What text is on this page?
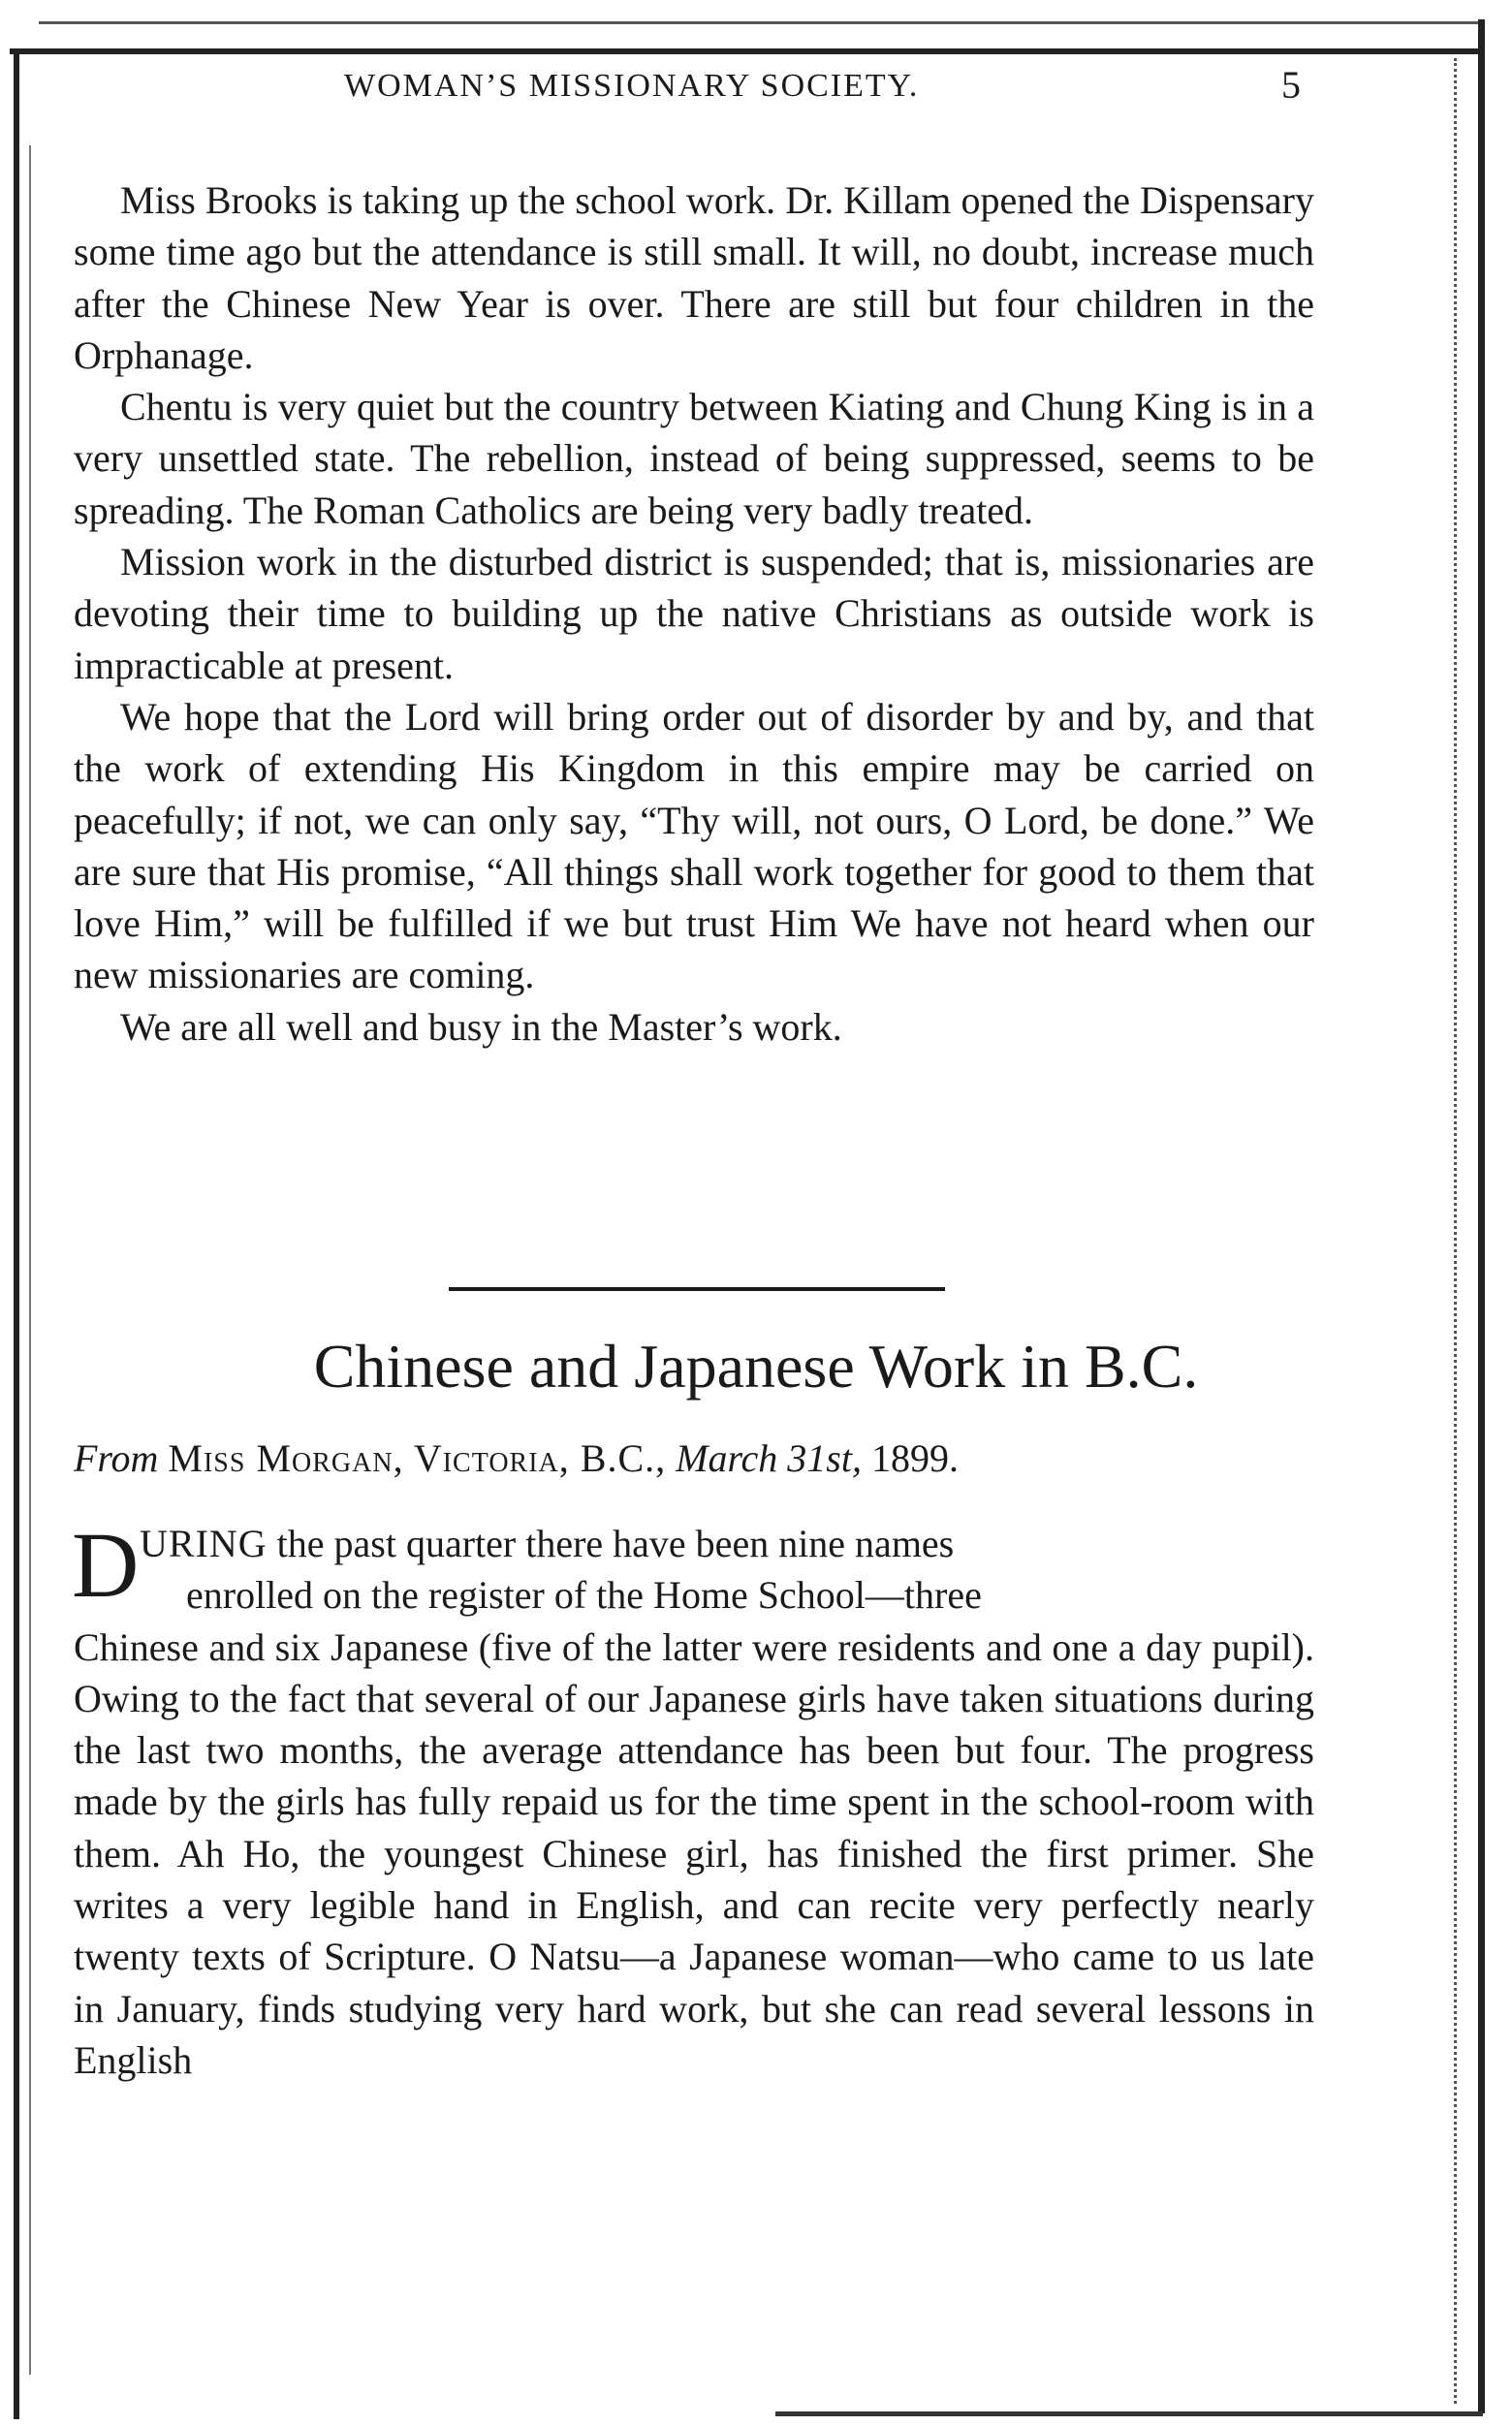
WOMAN’S MISSIONARY SOCIETY.	5

Miss Brooks is taking up the school work. Dr. Killam opened the Dispensary some time ago but the attendance is still small. It will, no doubt, increase much after the Chinese New Year is over. There are still but four children in the Orphanage.

Chentu is very quiet but the country between Kiating and Chung King is in a very unsettled state. The rebellion, instead of being suppressed, seems to be spreading. The Roman Catholics are being very badly treated.

Mission work in the disturbed district is suspended; that is, missionaries are devoting their time to building up the native Christians as outside work is impracticable at present.

We hope that the Lord will bring order out of disorder by and by, and that the work of extending His Kingdom in this empire may be carried on peacefully; if not, we can only say, “Thy will, not ours, O Lord, be done.” We are sure that His promise, “All things shall work together for good to them that love Him,” will be fulfilled if we but trust Him We have not heard when our new missionaries are coming.

We are all well and busy in the Master’s work.

Chinese and Japanese Work in B.C.
From Miss Morgan, Victoria, B.C., March 31st, 1899.
D URING the past quarter there have been nine names
enrolled on the register of the Home School—three
Chinese and six Japanese (five of the latter were residents and one a day pupil). Owing to the fact that several of our Japanese girls have taken situations during the last two months, the average attendance has been but four. The progress made by the girls has fully repaid us for the time spent in the school-room with them. Ah Ho, the youngest Chinese girl, has finished the first primer. She writes a very legible hand in English, and can recite very perfectly nearly twenty texts of Scripture. O Natsu—a Japanese woman—who came to us late in January, finds studying very hard work, but she can read several lessons in English
